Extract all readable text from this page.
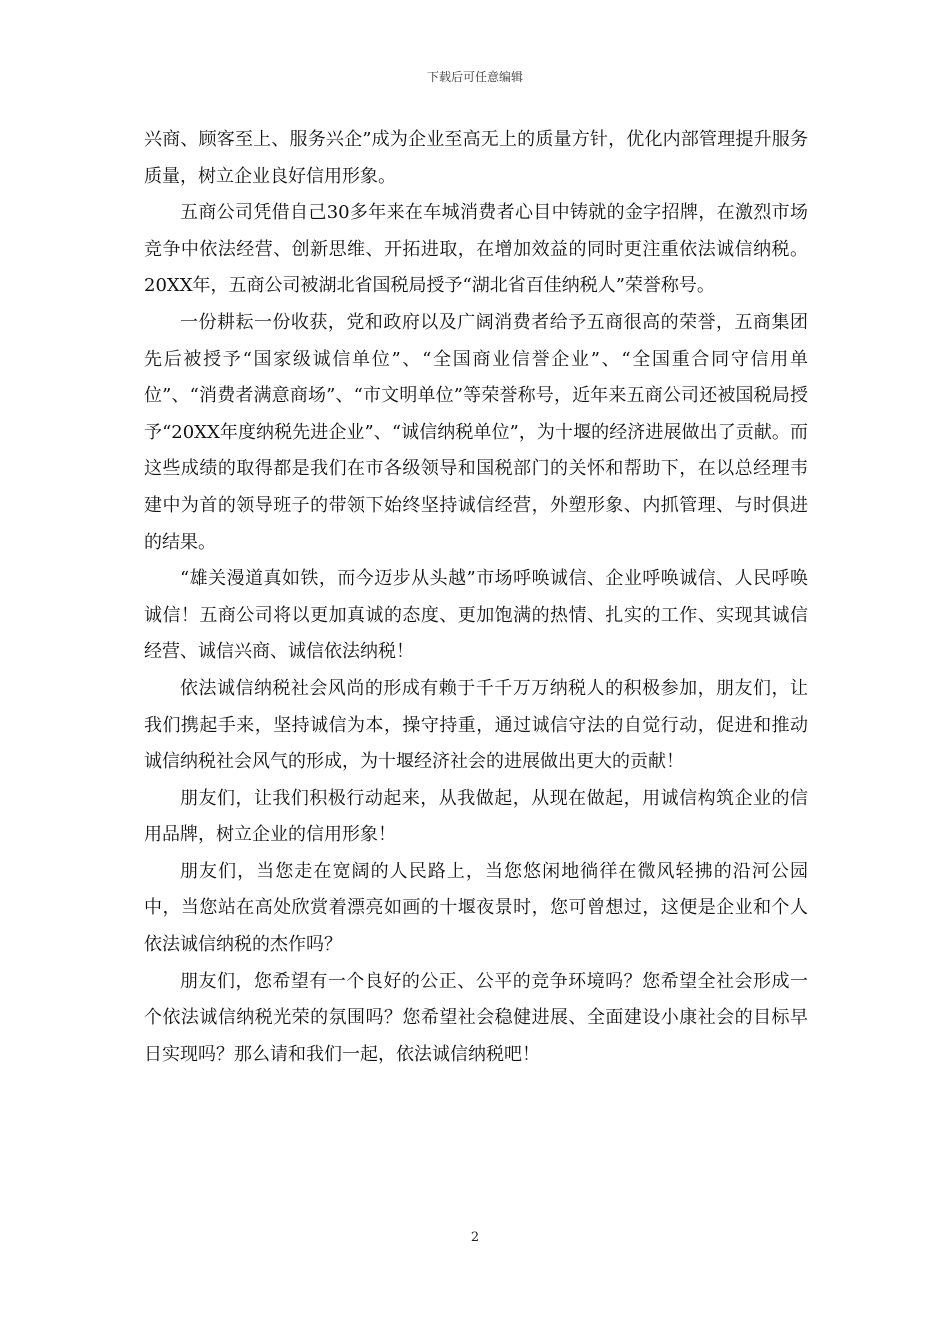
下载后可任意编辑

兴商、顾客至上、服务兴企”成为企业至高无上的质量方针，优化内部管理提升服务质量，树立企业良好信用形象。

五商公司凭借自己30多年来在车城消费者心目中铸就的金字招牌，在激烈市场竞争中依法经营、创新思维、开拓进取，在增加效益的同时更注重依法诚信纳税。20XX年，五商公司被湖北省国税局授予“湖北省百佳纳税人”荣誉称号。

一份耕耘一份收获，党和政府以及广阔消费者给予五商很高的荣誉，五商集团先后被授予“国家级诚信单位”、“全国商业信誉企业”、“全国重合同守信用单位”、“消费者满意商场”、“市文明单位”等荣誉称号，近年来五商公司还被国税局授予“20XX年度纳税先进企业”、“诚信纳税单位”，为十堰的经济进展做出了贡献。而这些成绩的取得都是我们在市各级领导和国税部门的关怀和帮助下，在以总经理韦建中为首的领导班子的带领下始终坚持诚信经营，外塑形象、内抓管理、与时俱进的结果。

“雄关漫道真如铁，而今迈步从头越”市场呼唤诚信、企业呼唤诚信、人民呼唤诚信！五商公司将以更加真诚的态度、更加饱满的热情、扎实的工作、实现其诚信经营、诚信兴商、诚信依法纳税！

依法诚信纳税社会风尚的形成有赖于千千万万纳税人的积极参加，朋友们，让我们携起手来，坚持诚信为本，操守持重，通过诚信守法的自觉行动，促进和推动诚信纳税社会风气的形成，为十堰经济社会的进展做出更大的贡献！

朋友们，让我们积极行动起来，从我做起，从现在做起，用诚信构筑企业的信用品牌，树立企业的信用形象！

朋友们，当您走在宽阔的人民路上，当您悠闲地徜徉在微风轻拂的沿河公园中，当您站在高处欣赏着漂亮如画的十堰夜景时，您可曾想过，这便是企业和个人依法诚信纳税的杰作吗？

朋友们，您希望有一个良好的公正、公平的竞争环境吗？您希望全社会形成一个依法诚信纳税光荣的氛围吗？您希望社会稳健进展、全面建设小康社会的目标早日实现吗？那么请和我们一起，依法诚信纳税吧！

2
